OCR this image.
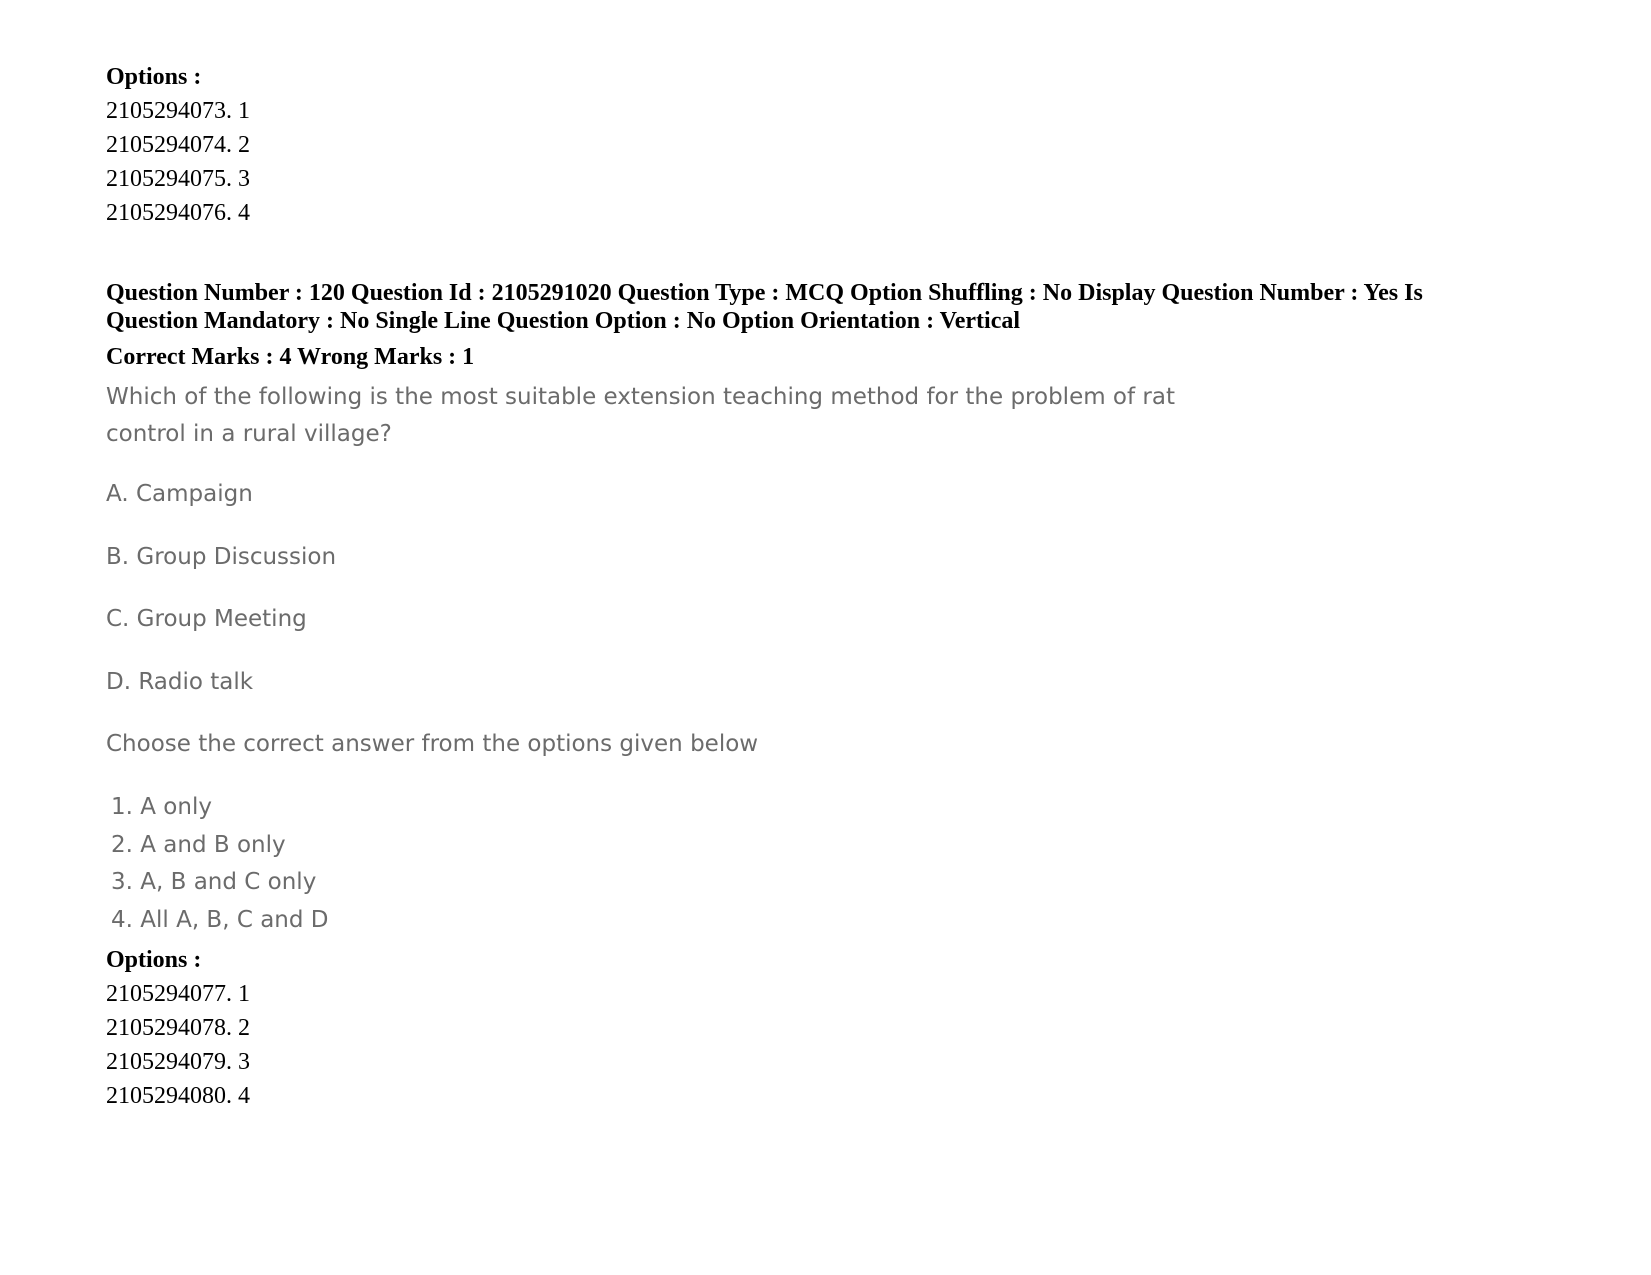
Options :
2105294073. 1
2105294074. 2
2105294075. 3
2105294076. 4
Question Number : 120 Question Id : 2105291020 Question Type : MCQ Option Shuffling : No Display Question Number : Yes Is
Question Mandatory : No Single Line Question Option : No Option Orientation : Vertical
Correct Marks : 4 Wrong Marks : 1
Which of the following is the most suitable extension teaching method for the problem of rat
control in a rural village?
A. Campaign
B. Group Discussion
C. Group Meeting
D. Radio talk
Choose the correct answer from the options given below
1. A only
2. A and B only
3. A, B and C only
4. All A, B, C and D
Options :
2105294077. 1
2105294078. 2
2105294079. 3
2105294080. 4
